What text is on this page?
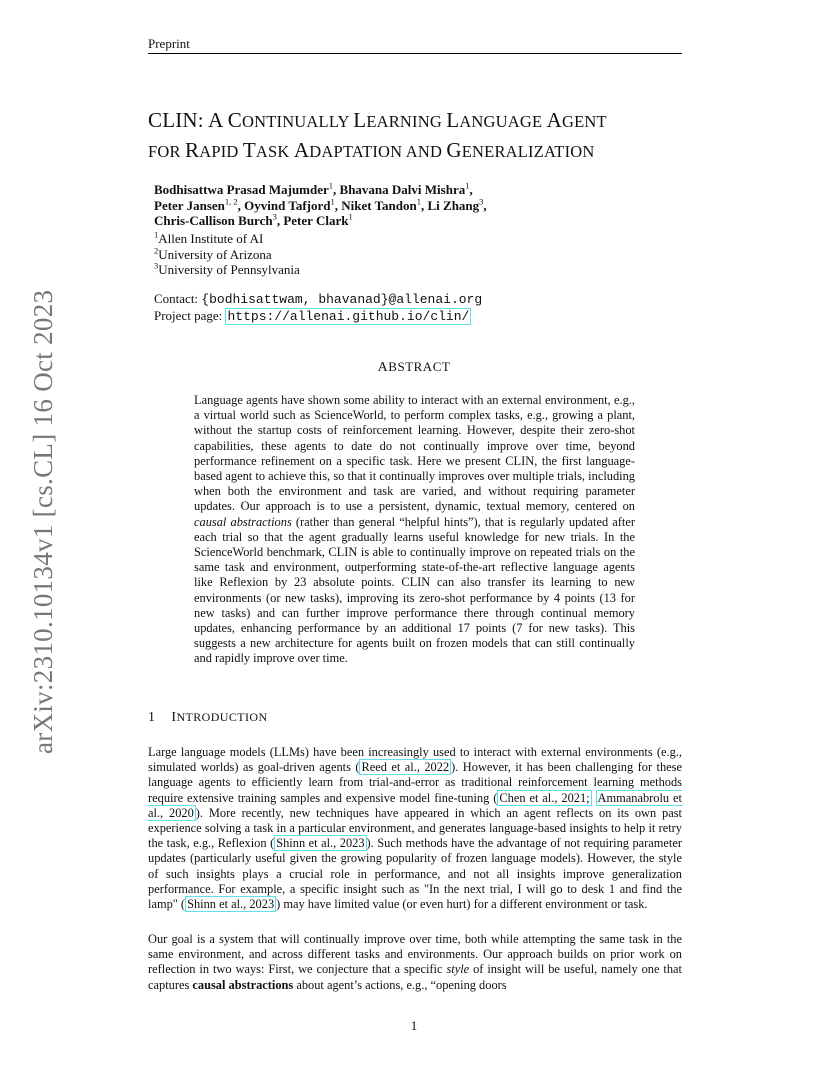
Preprint
CLIN: A CONTINUALLY LEARNING LANGUAGE AGENT
FOR RAPID TASK ADAPTATION AND GENERALIZATION
Bodhisattwa Prasad Majumder$^1$, Bhavana Dalvi Mishra$^1$,
Peter Jansen$^{1, 2}$, Oyvind Tafjord$^1$, Niket Tandon$^1$, Li Zhang$^3$,
Chris-Callison Burch$^3$, Peter Clark$^1$
$^1$Allen Institute of AI
$^2$University of Arizona
$^3$University of Pennsylvania
Contact: {bodhisattwam, bhavanad}@allenai.org
Project page: https://allenai.github.io/clin/
ABSTRACT
Language agents have shown some ability to interact with an external environment, e.g., a virtual world such as ScienceWorld, to perform complex tasks, e.g., growing a plant, without the startup costs of reinforcement learning. However, despite their zero-shot capabilities, these agents to date do not continually improve over time, beyond performance refinement on a specific task. Here we present CLIN, the first language-based agent to achieve this, so that it continually improves over multiple trials, including when both the environment and task are varied, and without requiring parameter updates. Our approach is to use a persistent, dynamic, textual memory, centered on causal abstractions (rather than general “helpful hints”), that is regularly updated after each trial so that the agent gradually learns useful knowledge for new trials. In the ScienceWorld benchmark, CLIN is able to continually improve on repeated trials on the same task and environment, outperforming state-of-the-art reflective language agents like Reflexion by 23 absolute points. CLIN can also transfer its learning to new environments (or new tasks), improving its zero-shot performance by 4 points (13 for new tasks) and can further improve performance there through continual memory updates, enhancing performance by an additional 17 points (7 for new tasks). This suggests a new architecture for agents built on frozen models that can still continually and rapidly improve over time.
1 INTRODUCTION
Large language models (LLMs) have been increasingly used to interact with external environments (e.g., simulated worlds) as goal-driven agents ( Reed et al., 2022 ). However, it has been challenging for these language agents to efficiently learn from trial-and-error as traditional reinforcement learning methods require extensive training samples and expensive model fine-tuning ( Chen et al., 2021; Ammanabrolu et al., 2020 ). More recently, new techniques have appeared in which an agent reflects on its own past experience solving a task in a particular environment, and generates language-based insights to help it retry the task, e.g., Reflexion ( Shinn et al., 2023 ). Such methods have the advantage of not requiring parameter updates (particularly useful given the growing popularity of frozen language models). However, the style of such insights plays a crucial role in performance, and not all insights improve generalization performance. For example, a specific insight such as "In the next trial, I will go to desk 1 and find the lamp" ( Shinn et al., 2023 ) may have limited value (or even hurt) for a different environment or task.
Our goal is a system that will continually improve over time, both while attempting the same task in the same environment, and across different tasks and environments. Our approach builds on prior work on reflection in two ways: First, we conjecture that a specific style of insight will be useful, namely one that captures causal abstractions about agent’s actions, e.g., “opening doors
1
arXiv:2310.10134v1 [cs.CL] 16 Oct 2023
